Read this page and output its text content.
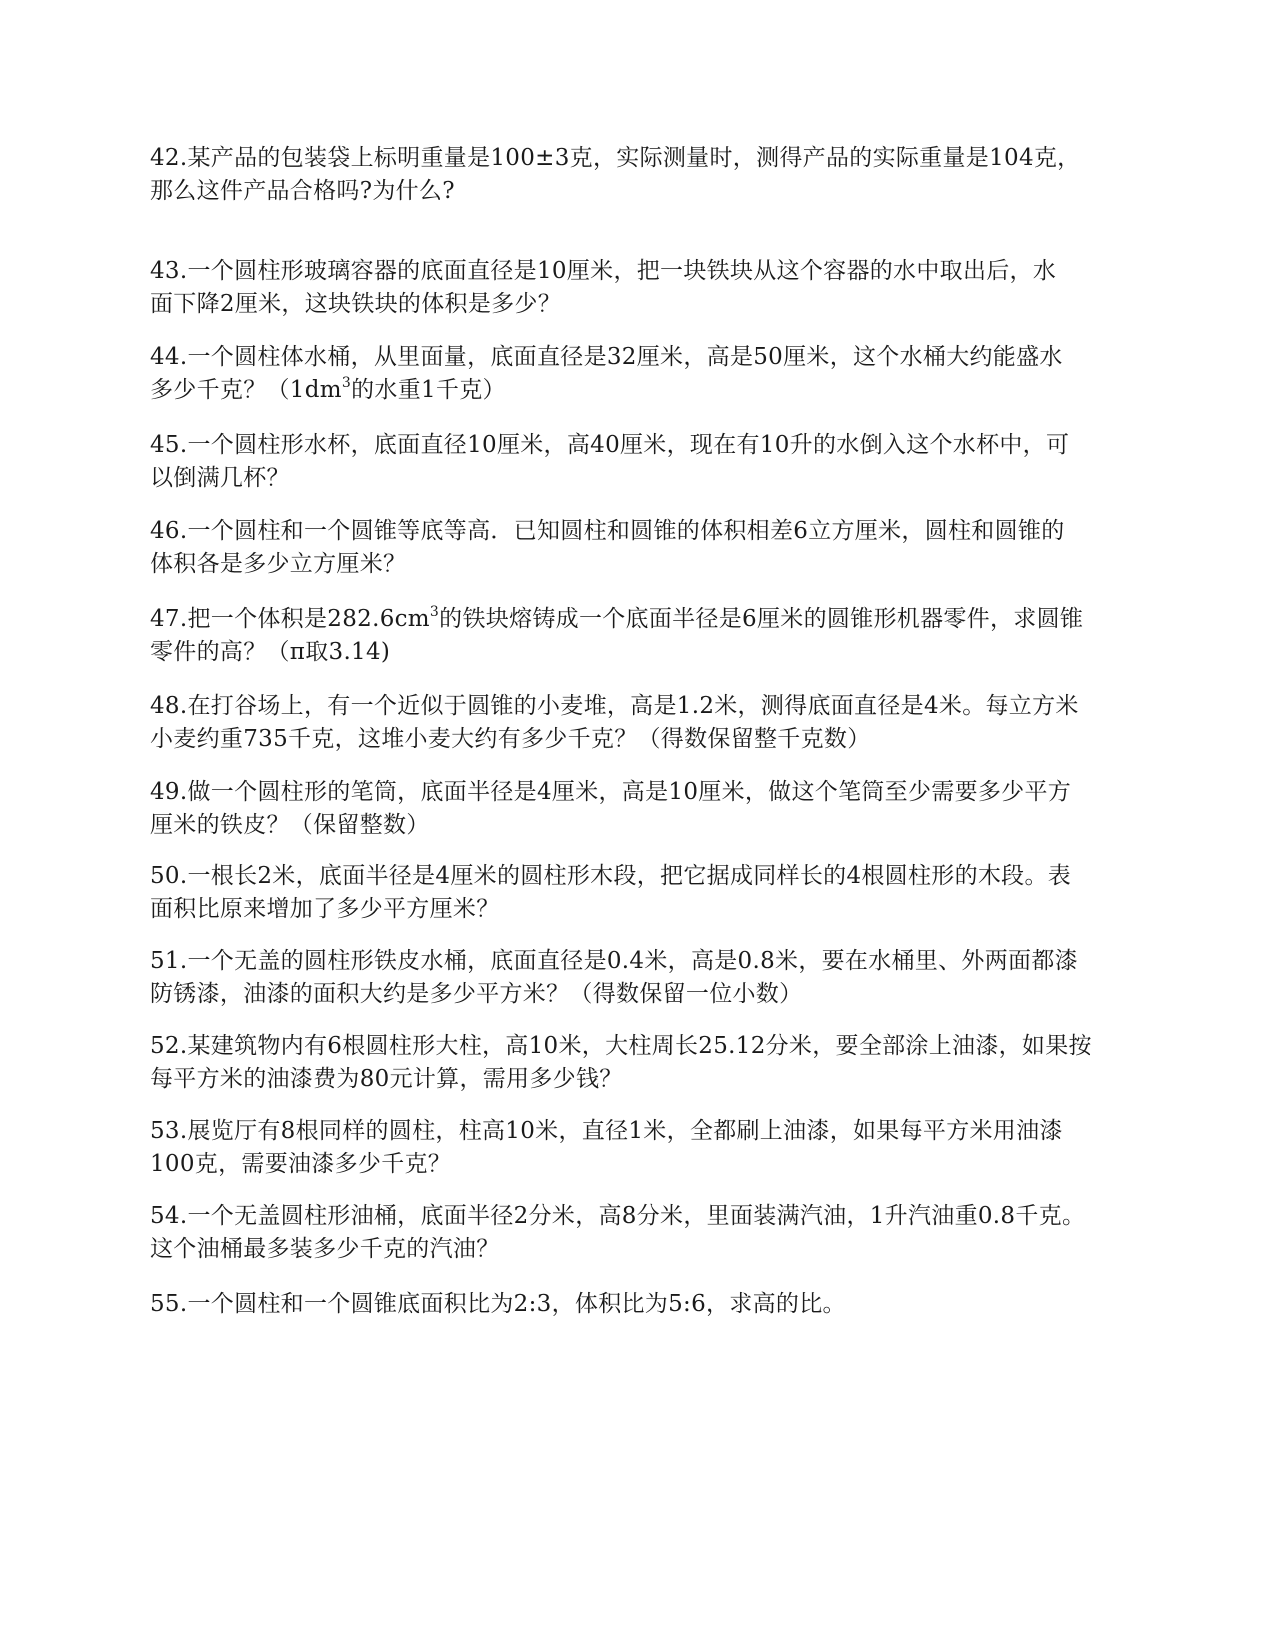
42.某产品的包装袋上标明重量是100±3克，实际测量时，测得产品的实际重量是104克，
那么这件产品合格吗?为什么?

43.一个圆柱形玻璃容器的底面直径是10厘米，把一块铁块从这个容器的水中取出后，水
面下降2厘米，这块铁块的体积是多少？

44.一个圆柱体水桶，从里面量，底面直径是32厘米，高是50厘米，这个水桶大约能盛水
多少千克？（$1dm^3$的水重1千克）

45.一个圆柱形水杯，底面直径10厘米，高40厘米，现在有10升的水倒入这个水杯中，可
以倒满几杯？

46.一个圆柱和一个圆锥等底等高．已知圆柱和圆锥的体积相差6立方厘米，圆柱和圆锥的
体积各是多少立方厘米？

47.把一个体积是$282.6cm^3$的铁块熔铸成一个底面半径是6厘米的圆锥形机器零件，求圆锥
零件的高？（π取3.14)

48.在打谷场上，有一个近似于圆锥的小麦堆，高是1.2米，测得底面直径是4米。每立方米
小麦约重735千克，这堆小麦大约有多少千克？（得数保留整千克数）

49.做一个圆柱形的笔筒，底面半径是4厘米，高是10厘米，做这个笔筒至少需要多少平方
厘米的铁皮？（保留整数）

50.一根长2米，底面半径是4厘米的圆柱形木段，把它据成同样长的4根圆柱形的木段。表
面积比原来增加了多少平方厘米？

51.一个无盖的圆柱形铁皮水桶，底面直径是0.4米，高是0.8米，要在水桶里、外两面都漆
防锈漆，油漆的面积大约是多少平方米？（得数保留一位小数）

52.某建筑物内有6根圆柱形大柱，高10米，大柱周长25.12分米，要全部涂上油漆，如果按
每平方米的油漆费为80元计算，需用多少钱？

53.展览厅有8根同样的圆柱，柱高10米，直径1米，全都刷上油漆，如果每平方米用油漆
100克，需要油漆多少千克？

54.一个无盖圆柱形油桶，底面半径2分米，高8分米，里面装满汽油，1升汽油重0.8千克。
这个油桶最多装多少千克的汽油？

55.一个圆柱和一个圆锥底面积比为2:3，体积比为5:6，求高的比。
